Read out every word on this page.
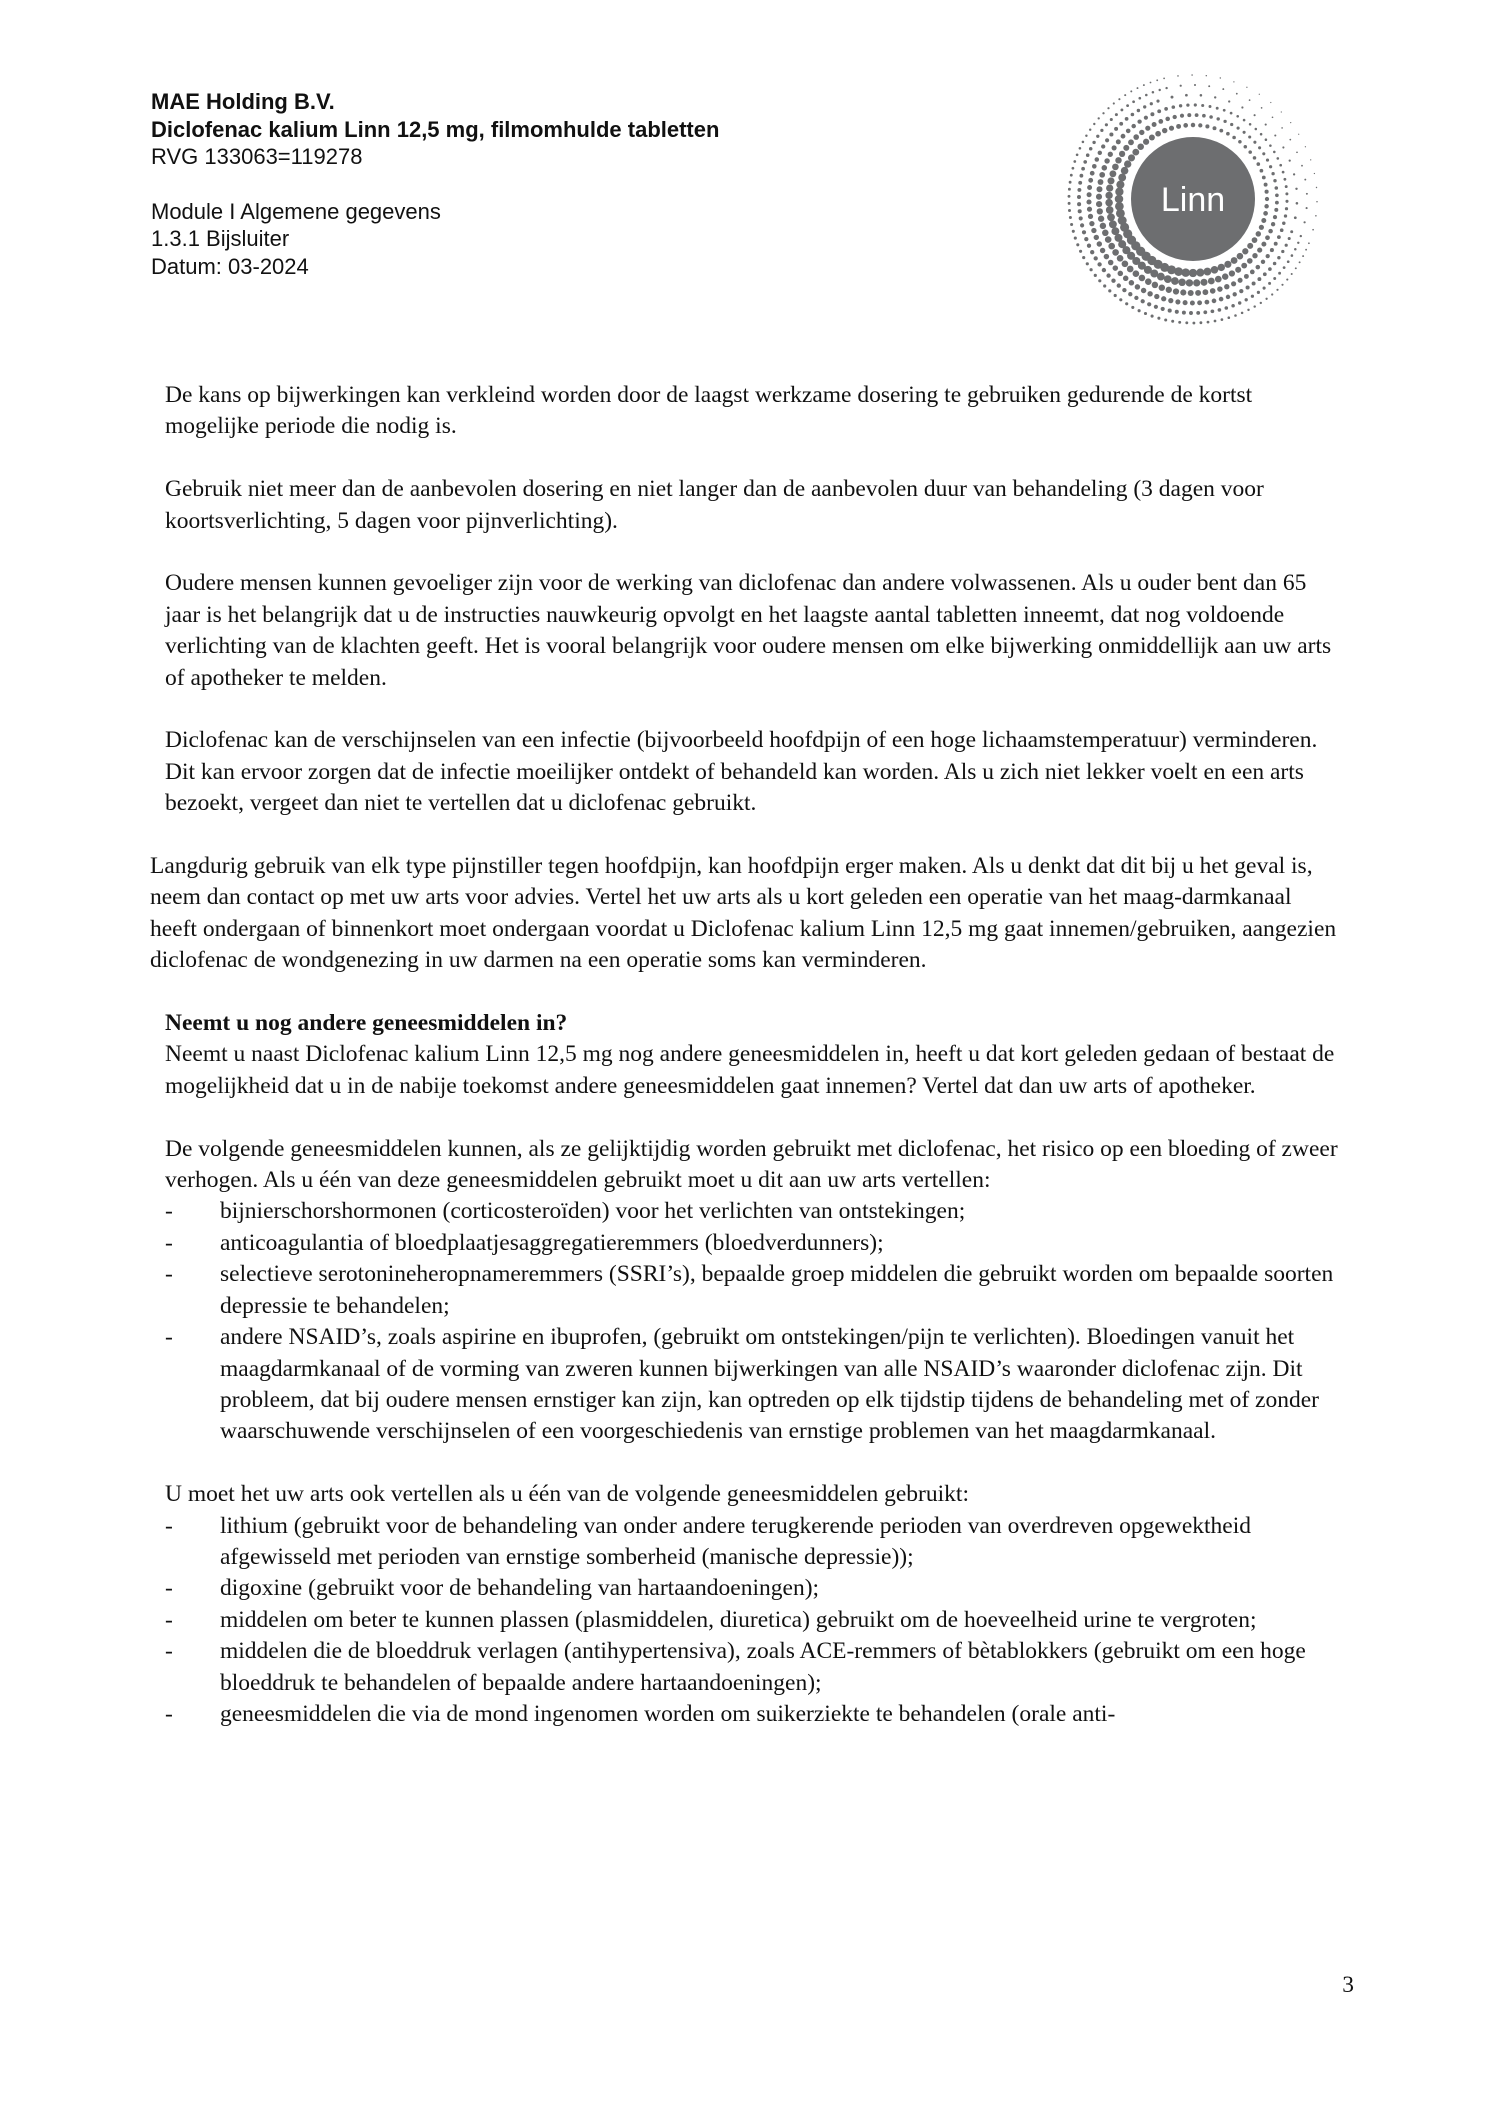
MAE Holding B.V.
Diclofenac kalium Linn 12,5 mg, filmomhulde tabletten
RVG 133063=119278
Module I Algemene gegevens
1.3.1 Bijsluiter
Datum: 03-2024
Linn

De kans op bijwerkingen kan verkleind worden door de laagst werkzame dosering te gebruiken gedurende de kortst mogelijke periode die nodig is.

Gebruik niet meer dan de aanbevolen dosering en niet langer dan de aanbevolen duur van behandeling (3 dagen voor koortsverlichting, 5 dagen voor pijnverlichting).

Oudere mensen kunnen gevoeliger zijn voor de werking van diclofenac dan andere volwassenen. Als u ouder bent dan 65 jaar is het belangrijk dat u de instructies nauwkeurig opvolgt en het laagste aantal tabletten inneemt, dat nog voldoende verlichting van de klachten geeft. Het is vooral belangrijk voor oudere mensen om elke bijwerking onmiddellijk aan uw arts of apotheker te melden.

Diclofenac kan de verschijnselen van een infectie (bijvoorbeeld hoofdpijn of een hoge lichaamstemperatuur) verminderen. Dit kan ervoor zorgen dat de infectie moeilijker ontdekt of behandeld kan worden. Als u zich niet lekker voelt en een arts bezoekt, vergeet dan niet te vertellen dat u diclofenac gebruikt.

Langdurig gebruik van elk type pijnstiller tegen hoofdpijn, kan hoofdpijn erger maken. Als u denkt dat dit bij u het geval is, neem dan contact op met uw arts voor advies. Vertel het uw arts als u kort geleden een operatie van het maag-darmkanaal heeft ondergaan of binnenkort moet ondergaan voordat u Diclofenac kalium Linn 12,5 mg gaat innemen/gebruiken, aangezien diclofenac de wondgenezing in uw darmen na een operatie soms kan verminderen.

Neemt u nog andere geneesmiddelen in?

Neemt u naast Diclofenac kalium Linn 12,5 mg nog andere geneesmiddelen in, heeft u dat kort geleden gedaan of bestaat de mogelijkheid dat u in de nabije toekomst andere geneesmiddelen gaat innemen? Vertel dat dan uw arts of apotheker.

De volgende geneesmiddelen kunnen, als ze gelijktijdig worden gebruikt met diclofenac, het risico op een bloeding of zweer verhogen. Als u één van deze geneesmiddelen gebruikt moet u dit aan uw arts vertellen:

- bijnierschorshormonen (corticosteroïden) voor het verlichten van ontstekingen;
- anticoagulantia of bloedplaatjesaggregatieremmers (bloedverdunners);
- selectieve serotonineheropnameremmers (SSRI’s), bepaalde groep middelen die gebruikt worden om bepaalde soorten depressie te behandelen;
- andere NSAID’s, zoals aspirine en ibuprofen, (gebruikt om ontstekingen/pijn te verlichten). Bloedingen vanuit het maagdarmkanaal of de vorming van zweren kunnen bijwerkingen van alle NSAID’s waaronder diclofenac zijn. Dit probleem, dat bij oudere mensen ernstiger kan zijn, kan optreden op elk tijdstip tijdens de behandeling met of zonder waarschuwende verschijnselen of een voorgeschiedenis van ernstige problemen van het maagdarmkanaal.

U moet het uw arts ook vertellen als u één van de volgende geneesmiddelen gebruikt:

- lithium (gebruikt voor de behandeling van onder andere terugkerende perioden van overdreven opgewektheid afgewisseld met perioden van ernstige somberheid (manische depressie));
- digoxine (gebruikt voor de behandeling van hartaandoeningen);
- middelen om beter te kunnen plassen (plasmiddelen, diuretica) gebruikt om de hoeveelheid urine te vergroten;
- middelen die de bloeddruk verlagen (antihypertensiva), zoals ACE-remmers of bètablokkers (gebruikt om een hoge bloeddruk te behandelen of bepaalde andere hartaandoeningen);
- geneesmiddelen die via de mond ingenomen worden om suikerziekte te behandelen (orale anti-
3
